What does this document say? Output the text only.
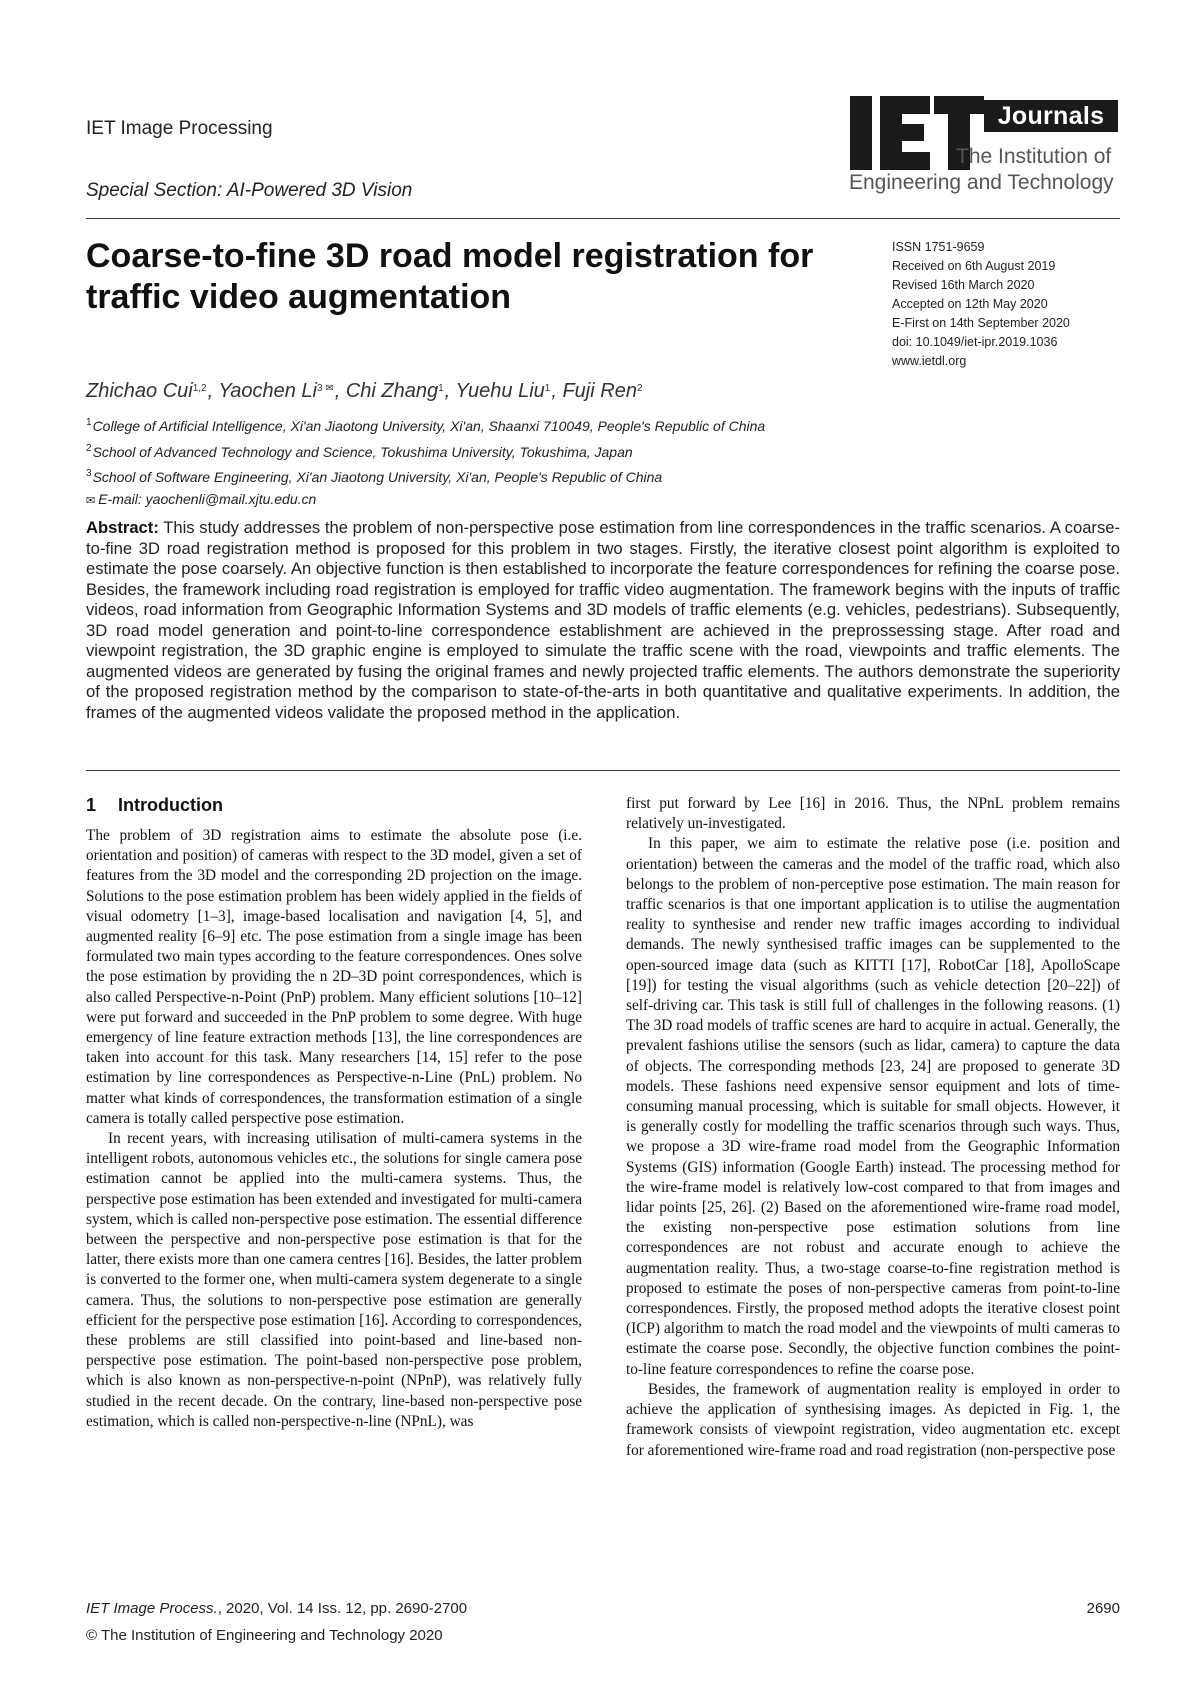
IET Image Processing
Special Section: AI-Powered 3D Vision
Journals
The Institution of
Engineering and Technology
Coarse-to-fine 3D road model registration for
traffic video augmentation
ISSN 1751-9659
Received on 6th August 2019
Revised 16th March 2020
Accepted on 12th May 2020
E-First on 14th September 2020
doi: 10.1049/iet-ipr.2019.1036
www.ietdl.org
Zhichao Cui$^{1,2}$, Yaochen $Li^{3 ✉}$, Chi Zhang$^1$, Yuehu Liu$^1$, Fuji Ren$^2$
$^1$College of Artificial Intelligence, Xi'an Jiaotong University, Xi'an, Shaanxi 710049, People's Republic of China
$^2$School of Advanced Technology and Science, Tokushima University, Tokushima, Japan
$^3$School of Software Engineering, Xi'an Jiaotong University, Xi'an, People's Republic of China
✉ E-mail: yaochenli@mail.xjtu.edu.cn

Abstract: This study addresses the problem of non-perspective pose estimation from line correspondences in the traffic scenarios. A coarse-to-fine 3D road registration method is proposed for this problem in two stages. Firstly, the iterative closest point algorithm is exploited to estimate the pose coarsely. An objective function is then established to incorporate the feature correspondences for refining the coarse pose. Besides, the framework including road registration is employed for traffic video augmentation. The framework begins with the inputs of traffic videos, road information from Geographic Information Systems and 3D models of traffic elements (e.g. vehicles, pedestrians). Subsequently, 3D road model generation and point-to-line correspondence establishment are achieved in the preprossessing stage. After road and viewpoint registration, the 3D graphic engine is employed to simulate the traffic scene with the road, viewpoints and traffic elements. The augmented videos are generated by fusing the original frames and newly projected traffic elements. The authors demonstrate the superiority of the proposed registration method by the comparison to state-of-the-arts in both quantitative and qualitative experiments. In addition, the frames of the augmented videos validate the proposed method in the application.

1 Introduction

The problem of 3D registration aims to estimate the absolute pose (i.e. orientation and position) of cameras with respect to the 3D model, given a set of features from the 3D model and the corresponding 2D projection on the image. Solutions to the pose estimation problem has been widely applied in the fields of visual odometry [1–3], image-based localisation and navigation [4, 5], and augmented reality [6–9] etc. The pose estimation from a single image has been formulated two main types according to the feature correspondences. Ones solve the pose estimation by providing the n 2D–3D point correspondences, which is also called Perspective-n-Point (PnP) problem. Many efficient solutions [10–12] were put forward and succeeded in the PnP problem to some degree. With huge emergency of line feature extraction methods [13], the line correspondences are taken into account for this task. Many researchers [14, 15] refer to the pose estimation by line correspondences as Perspective-n-Line (PnL) problem. No matter what kinds of correspondences, the transformation estimation of a single camera is totally called perspective pose estimation.

In recent years, with increasing utilisation of multi-camera systems in the intelligent robots, autonomous vehicles etc., the solutions for single camera pose estimation cannot be applied into the multi-camera systems. Thus, the perspective pose estimation has been extended and investigated for multi-camera system, which is called non-perspective pose estimation. The essential difference between the perspective and non-perspective pose estimation is that for the latter, there exists more than one camera centres [16]. Besides, the latter problem is converted to the former one, when multi-camera system degenerate to a single camera. Thus, the solutions to non-perspective pose estimation are generally efficient for the perspective pose estimation [16]. According to correspondences, these problems are still classified into point-based and line-based non-perspective pose estimation. The point-based non-perspective pose problem, which is also known as non-perspective-n-point (NPnP), was relatively fully studied in the recent decade. On the contrary, line-based non-perspective pose estimation, which is called non-perspective-n-line (NPnL), was

first put forward by Lee [16] in 2016. Thus, the NPnL problem remains relatively un-investigated.

In this paper, we aim to estimate the relative pose (i.e. position and orientation) between the cameras and the model of the traffic road, which also belongs to the problem of non-perceptive pose estimation. The main reason for traffic scenarios is that one important application is to utilise the augmentation reality to synthesise and render new traffic images according to individual demands. The newly synthesised traffic images can be supplemented to the open-sourced image data (such as KITTI [17], RobotCar [18], ApolloScape [19]) for testing the visual algorithms (such as vehicle detection [20–22]) of self-driving car. This task is still full of challenges in the following reasons. (1) The 3D road models of traffic scenes are hard to acquire in actual. Generally, the prevalent fashions utilise the sensors (such as lidar, camera) to capture the data of objects. The corresponding methods [23, 24] are proposed to generate 3D models. These fashions need expensive sensor equipment and lots of time-consuming manual processing, which is suitable for small objects. However, it is generally costly for modelling the traffic scenarios through such ways. Thus, we propose a 3D wire-frame road model from the Geographic Information Systems (GIS) information (Google Earth) instead. The processing method for the wire-frame model is relatively low-cost compared to that from images and lidar points [25, 26]. (2) Based on the aforementioned wire-frame road model, the existing non-perspective pose estimation solutions from line correspondences are not robust and accurate enough to achieve the augmentation reality. Thus, a two-stage coarse-to-fine registration method is proposed to estimate the poses of non-perspective cameras from point-to-line correspondences. Firstly, the proposed method adopts the iterative closest point (ICP) algorithm to match the road model and the viewpoints of multi cameras to estimate the coarse pose. Secondly, the objective function combines the point-to-line feature correspondences to refine the coarse pose.

Besides, the framework of augmentation reality is employed in order to achieve the application of synthesising images. As depicted in Fig. 1, the framework consists of viewpoint registration, video augmentation etc. except for aforementioned wire-frame road and road registration (non-perspective pose

IET Image Process., 2020, Vol. 14 Iss. 12, pp. 2690-2700
© The Institution of Engineering and Technology 2020
2690
